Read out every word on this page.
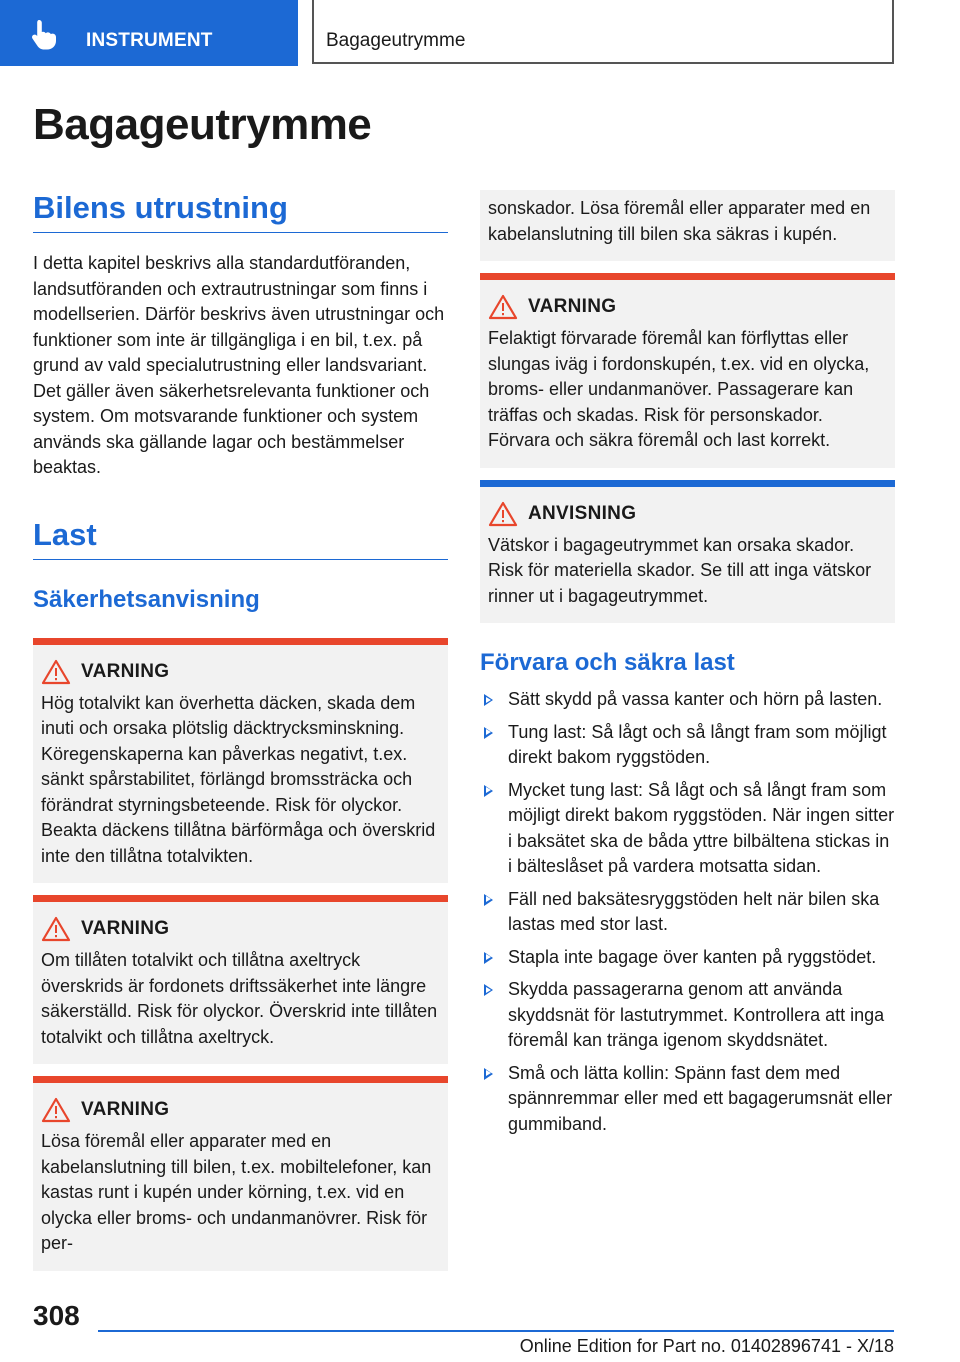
INSTRUMENT	Bagageutrymme
Bagageutrymme
Bilens utrustning

I detta kapitel beskrivs alla standardutföranden, landsutföranden och extrautrustningar som finns i modellserien. Därför beskrivs även utrustningar och funktioner som inte är tillgängliga i en bil, t.ex. på grund av vald specialutrustning eller landsvariant. Det gäller även säkerhetsrelevanta funktioner och system. Om motsvarande funktioner och system används ska gällande lagar och bestämmelser beaktas.

Last
Säkerhetsanvisning
VARNING
Hög totalvikt kan överhetta däcken, skada dem inuti och orsaka plötslig däcktrycksminskning. Köregenskaperna kan påverkas negativt, t.ex. sänkt spårstabilitet, förlängd bromssträcka och förändrat styrningsbeteende. Risk för olyckor. Beakta däckens tillåtna bärförmåga och överskrid inte den tillåtna totalvikten.
VARNING
Om tillåten totalvikt och tillåtna axeltryck överskrids är fordonets driftssäkerhet inte längre säkerställd. Risk för olyckor. Överskrid inte tillåten totalvikt och tillåtna axeltryck.
VARNING
Lösa föremål eller apparater med en kabelanslutning till bilen, t.ex. mobiltelefoner, kan kastas runt i kupén under körning, t.ex. vid en olycka eller broms- och undanmanövrer. Risk för per-
sonskador. Lösa föremål eller apparater med en kabelanslutning till bilen ska säkras i kupén.
VARNING
Felaktigt förvarade föremål kan förflyttas eller slungas iväg i fordonskupén, t.ex. vid en olycka, broms- eller undanmanöver. Passagerare kan träffas och skadas. Risk för personskador. Förvara och säkra föremål och last korrekt.
ANVISNING
Vätskor i bagageutrymmet kan orsaka skador. Risk för materiella skador. Se till att inga vätskor rinner ut i bagageutrymmet.
Förvara och säkra last
Sätt skydd på vassa kanter och hörn på lasten.
Tung last: Så lågt och så långt fram som möjligt direkt bakom ryggstöden.
Mycket tung last: Så lågt och så långt fram som möjligt direkt bakom ryggstöden. När ingen sitter i baksätet ska de båda yttre bilbältena stickas in i bälteslåset på vardera motsatta sidan.
Fäll ned baksätesryggstöden helt när bilen ska lastas med stor last.
Stapla inte bagage över kanten på ryggstödet.
Skydda passagerarna genom att använda skyddsnät för lastutrymmet. Kontrollera att inga föremål kan tränga igenom skyddsnätet.
Små och lätta kollin: Spänn fast dem med spännremmar eller med ett bagagerumsnät eller gummiband.
308
Online Edition for Part no. 01402896741 - X/18
